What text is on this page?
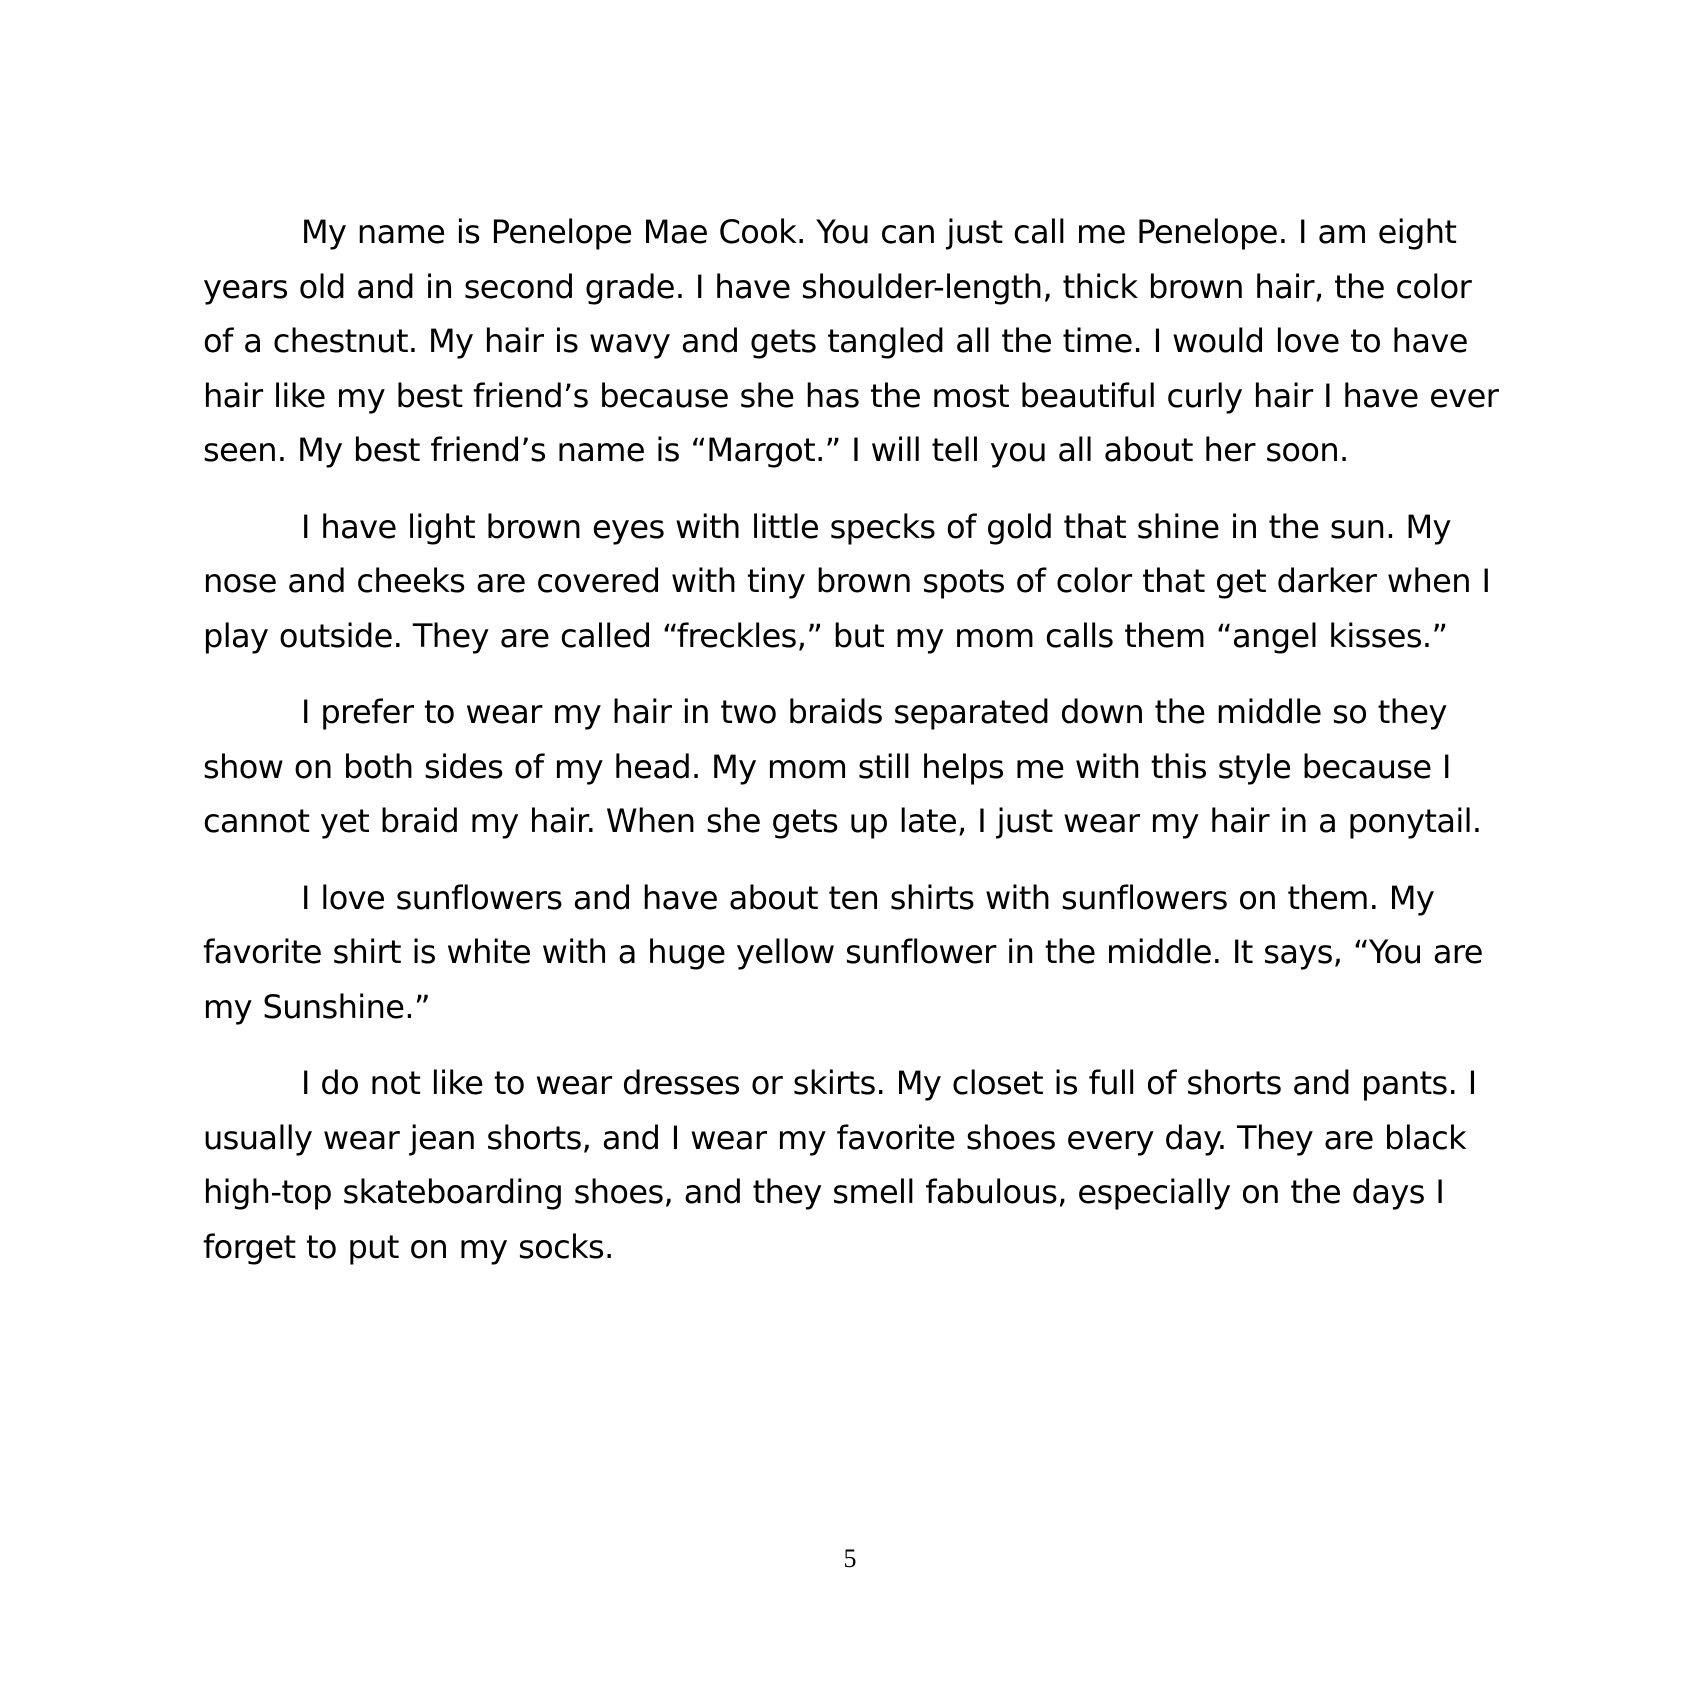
My name is Penelope Mae Cook. You can just call me Penelope. I am eight years old and in second grade. I have shoulder-length, thick brown hair, the color of a chestnut. My hair is wavy and gets tangled all the time. I would love to have hair like my best friend’s because she has the most beautiful curly hair I have ever seen. My best friend’s name is “Margot.” I will tell you all about her soon.

I have light brown eyes with little specks of gold that shine in the sun. My nose and cheeks are covered with tiny brown spots of color that get darker when I play outside. They are called “freckles,” but my mom calls them “angel kisses.”

I prefer to wear my hair in two braids separated down the middle so they show on both sides of my head. My mom still helps me with this style because I cannot yet braid my hair. When she gets up late, I just wear my hair in a ponytail.

I love sunflowers and have about ten shirts with sunflowers on them. My favorite shirt is white with a huge yellow sunflower in the middle. It says, “You are my Sunshine.”

I do not like to wear dresses or skirts. My closet is full of shorts and pants. I usually wear jean shorts, and I wear my favorite shoes every day. They are black high-top skateboarding shoes, and they smell fabulous, especially on the days I forget to put on my socks.

5
